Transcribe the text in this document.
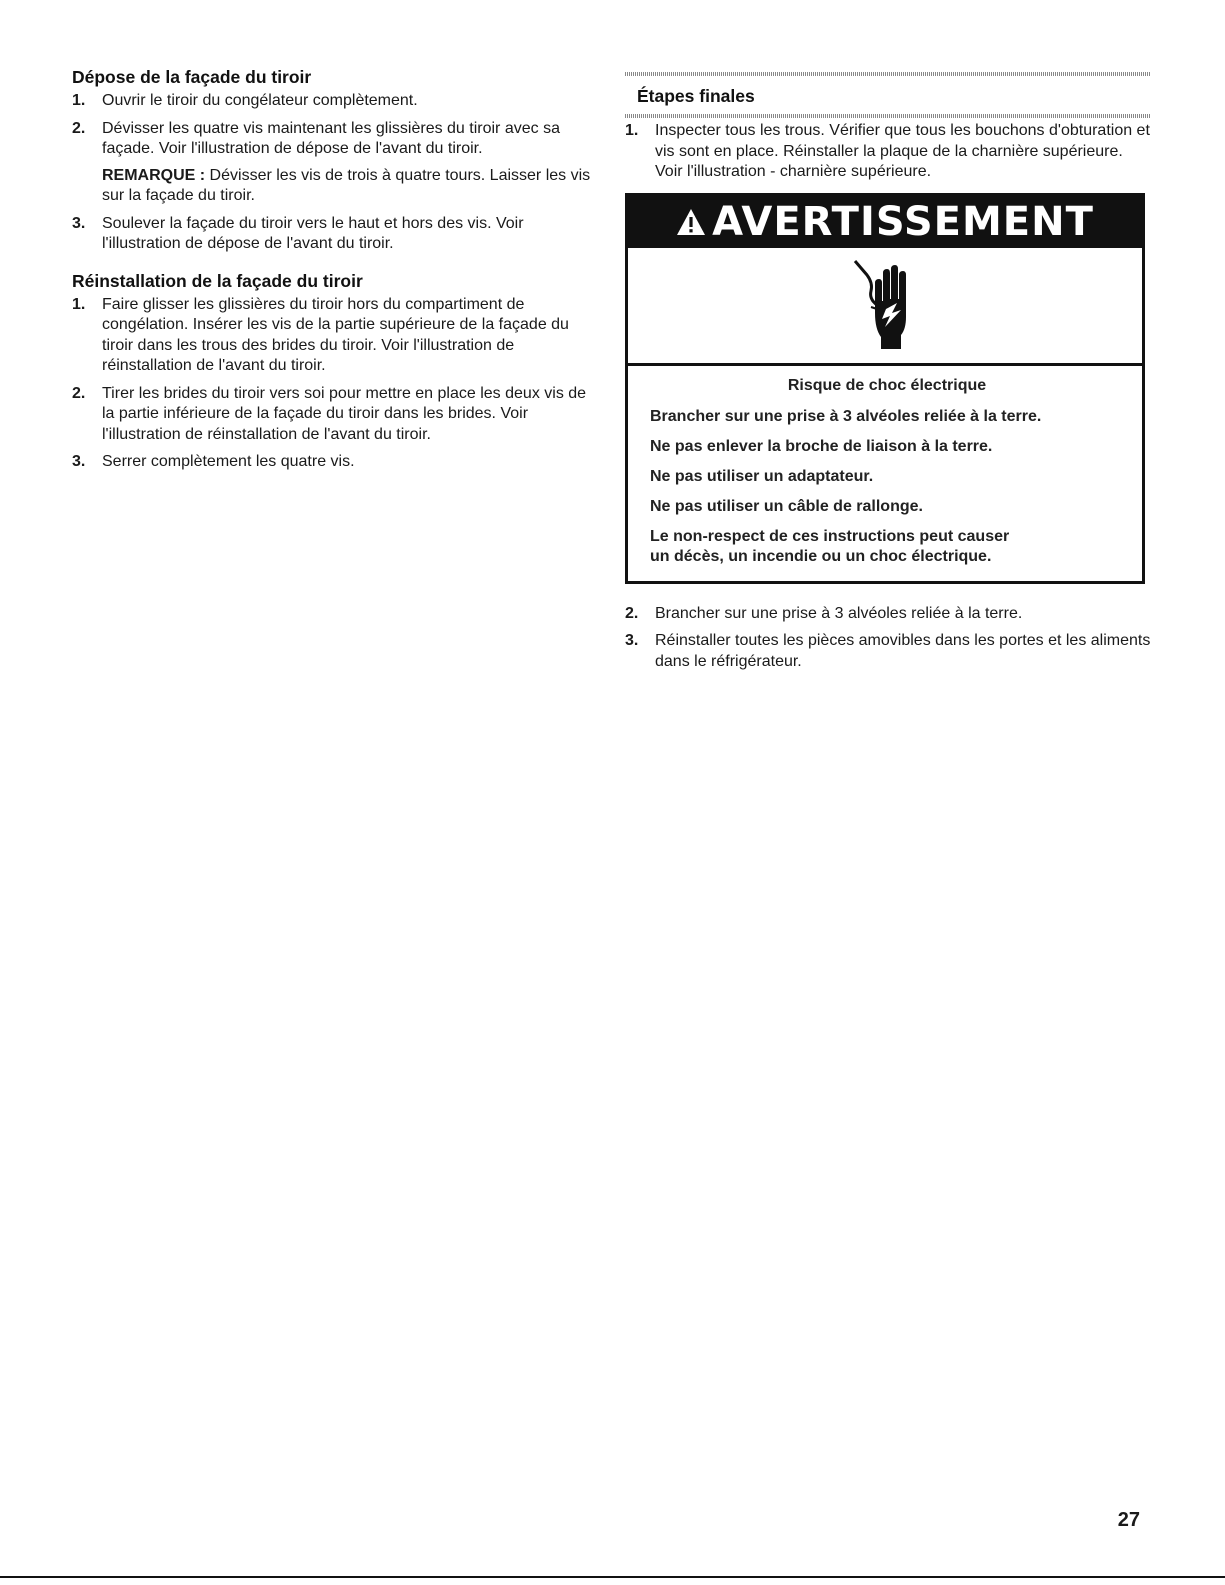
Dépose de la façade du tiroir
1. Ouvrir le tiroir du congélateur complètement.
2. Dévisser les quatre vis maintenant les glissières du tiroir avec sa façade. Voir l'illustration de dépose de l'avant du tiroir.
REMARQUE : Dévisser les vis de trois à quatre tours. Laisser les vis sur la façade du tiroir.
3. Soulever la façade du tiroir vers le haut et hors des vis. Voir l'illustration de dépose de l'avant du tiroir.
Réinstallation de la façade du tiroir
1. Faire glisser les glissières du tiroir hors du compartiment de congélation. Insérer les vis de la partie supérieure de la façade du tiroir dans les trous des brides du tiroir. Voir l'illustration de réinstallation de l'avant du tiroir.
2. Tirer les brides du tiroir vers soi pour mettre en place les deux vis de la partie inférieure de la façade du tiroir dans les brides. Voir l'illustration de réinstallation de l'avant du tiroir.
3. Serrer complètement les quatre vis.
Étapes finales
1. Inspecter tous les trous. Vérifier que tous les bouchons d'obturation et vis sont en place. Réinstaller la plaque de la charnière supérieure. Voir l'illustration - charnière supérieure.
AVERTISSEMENT

Risque de choc électrique

Brancher sur une prise à 3 alvéoles reliée à la terre.

Ne pas enlever la broche de liaison à la terre.

Ne pas utiliser un adaptateur.

Ne pas utiliser un câble de rallonge.

Le non-respect de ces instructions peut causer
un décès, un incendie ou un choc électrique.

2. Brancher sur une prise à 3 alvéoles reliée à la terre.
3. Réinstaller toutes les pièces amovibles dans les portes et les aliments dans le réfrigérateur.
27
